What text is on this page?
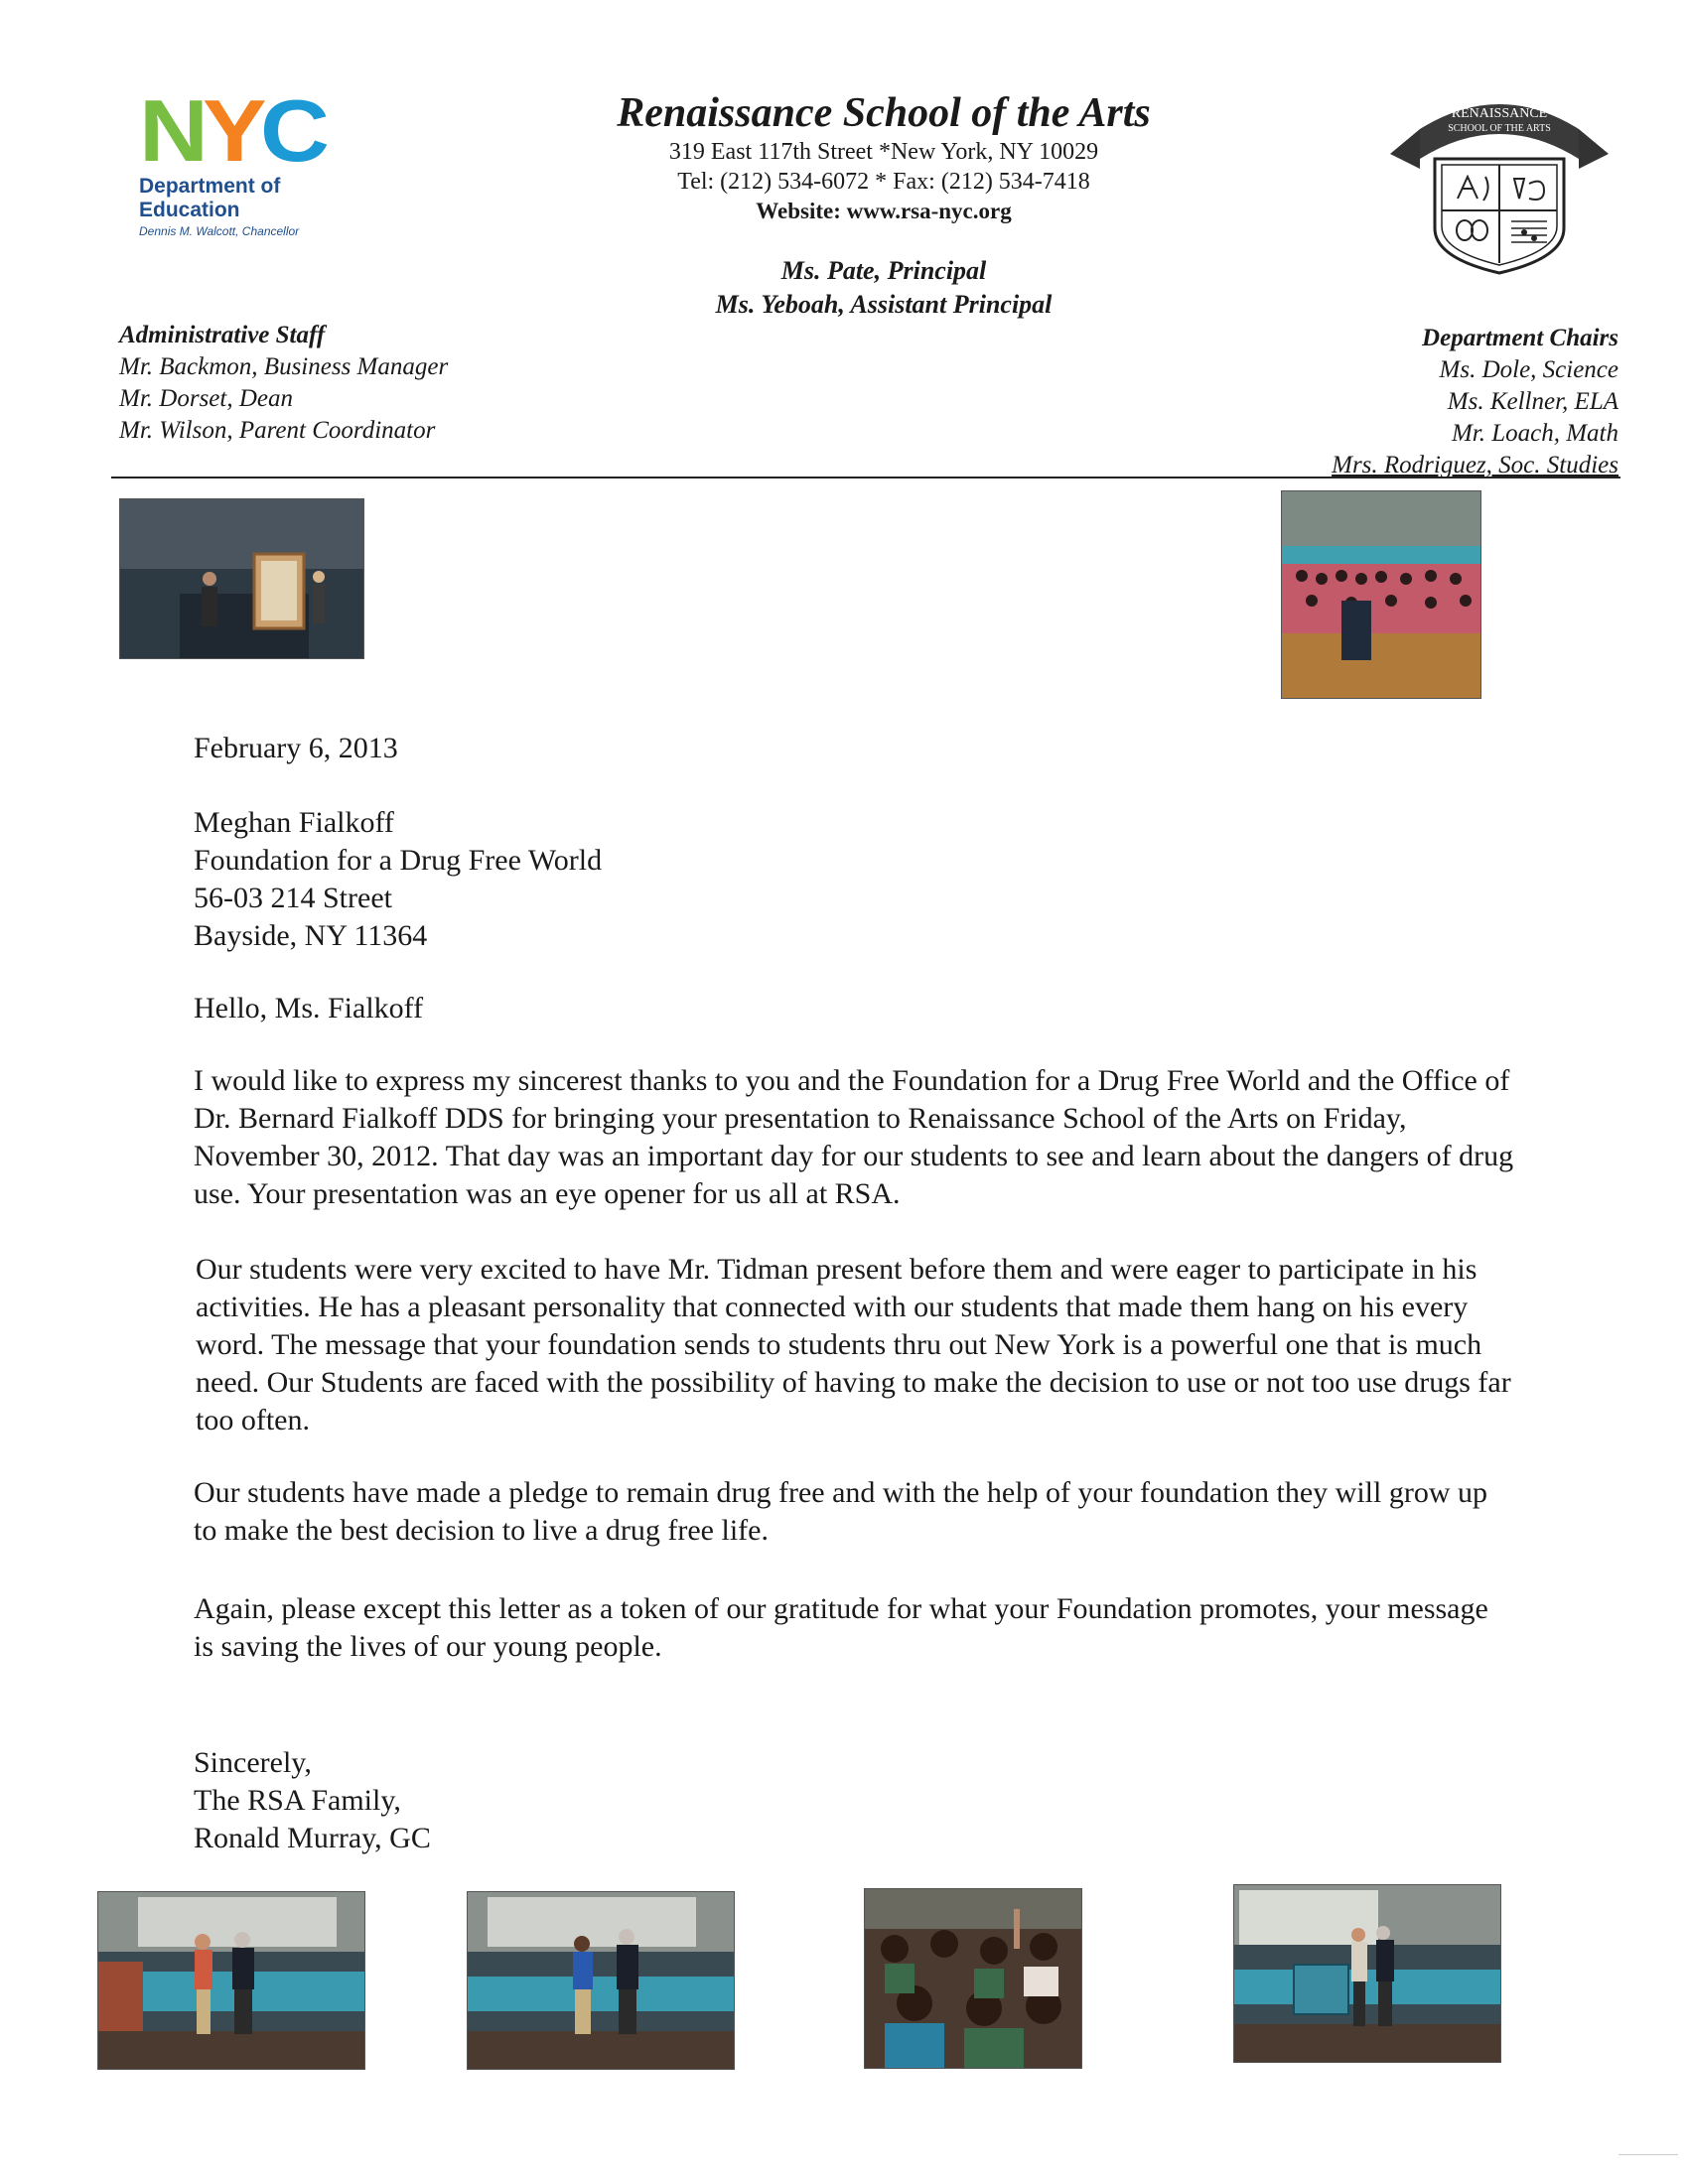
N
Y
C
Department of
Education
Dennis M. Walcott, Chancellor
Renaissance School of the Arts
319 East 117th Street *New York, NY 10029
Tel: (212) 534-6072 * Fax: (212) 534-7418
Website: www.rsa-nyc.org
Ms. Pate, Principal
Ms. Yeboah, Assistant Principal
RENAISSANCE
SCHOOL OF THE ARTS
Administrative Staff
Mr. Backmon, Business Manager
Mr. Dorset, Dean
Mr. Wilson, Parent Coordinator
Department Chairs
Ms. Dole, Science
Ms. Kellner, ELA
Mr. Loach, Math
Mrs. Rodriguez, Soc. Studies
February 6, 2013
Meghan Fialkoff
Foundation for a Drug Free World
56-03 214 Street
Bayside, NY 11364
Hello, Ms. Fialkoff
I would like to express my sincerest thanks to you and the Foundation for a Drug Free World and the Office of Dr. Bernard Fialkoff DDS for bringing your presentation to Renaissance School of the Arts on Friday, November 30, 2012. That day was an important day for our students to see and learn about the dangers of drug use. Your presentation was an eye opener for us all at RSA.
Our students were very excited to have Mr. Tidman present before them and were eager to participate in his activities. He has a pleasant personality that connected with our students that made them hang on his every word. The message that your foundation sends to students thru out New York is a powerful one that is much need. Our Students are faced with the possibility of having to make the decision to use or not too use drugs far too often.
Our students have made a pledge to remain drug free and with the help of your foundation they will grow up to make the best decision to live a drug free life.
Again, please except this letter as a token of our gratitude for what your Foundation promotes, your message is saving the lives of our young people.
Sincerely,
The RSA Family,
Ronald Murray, GC
